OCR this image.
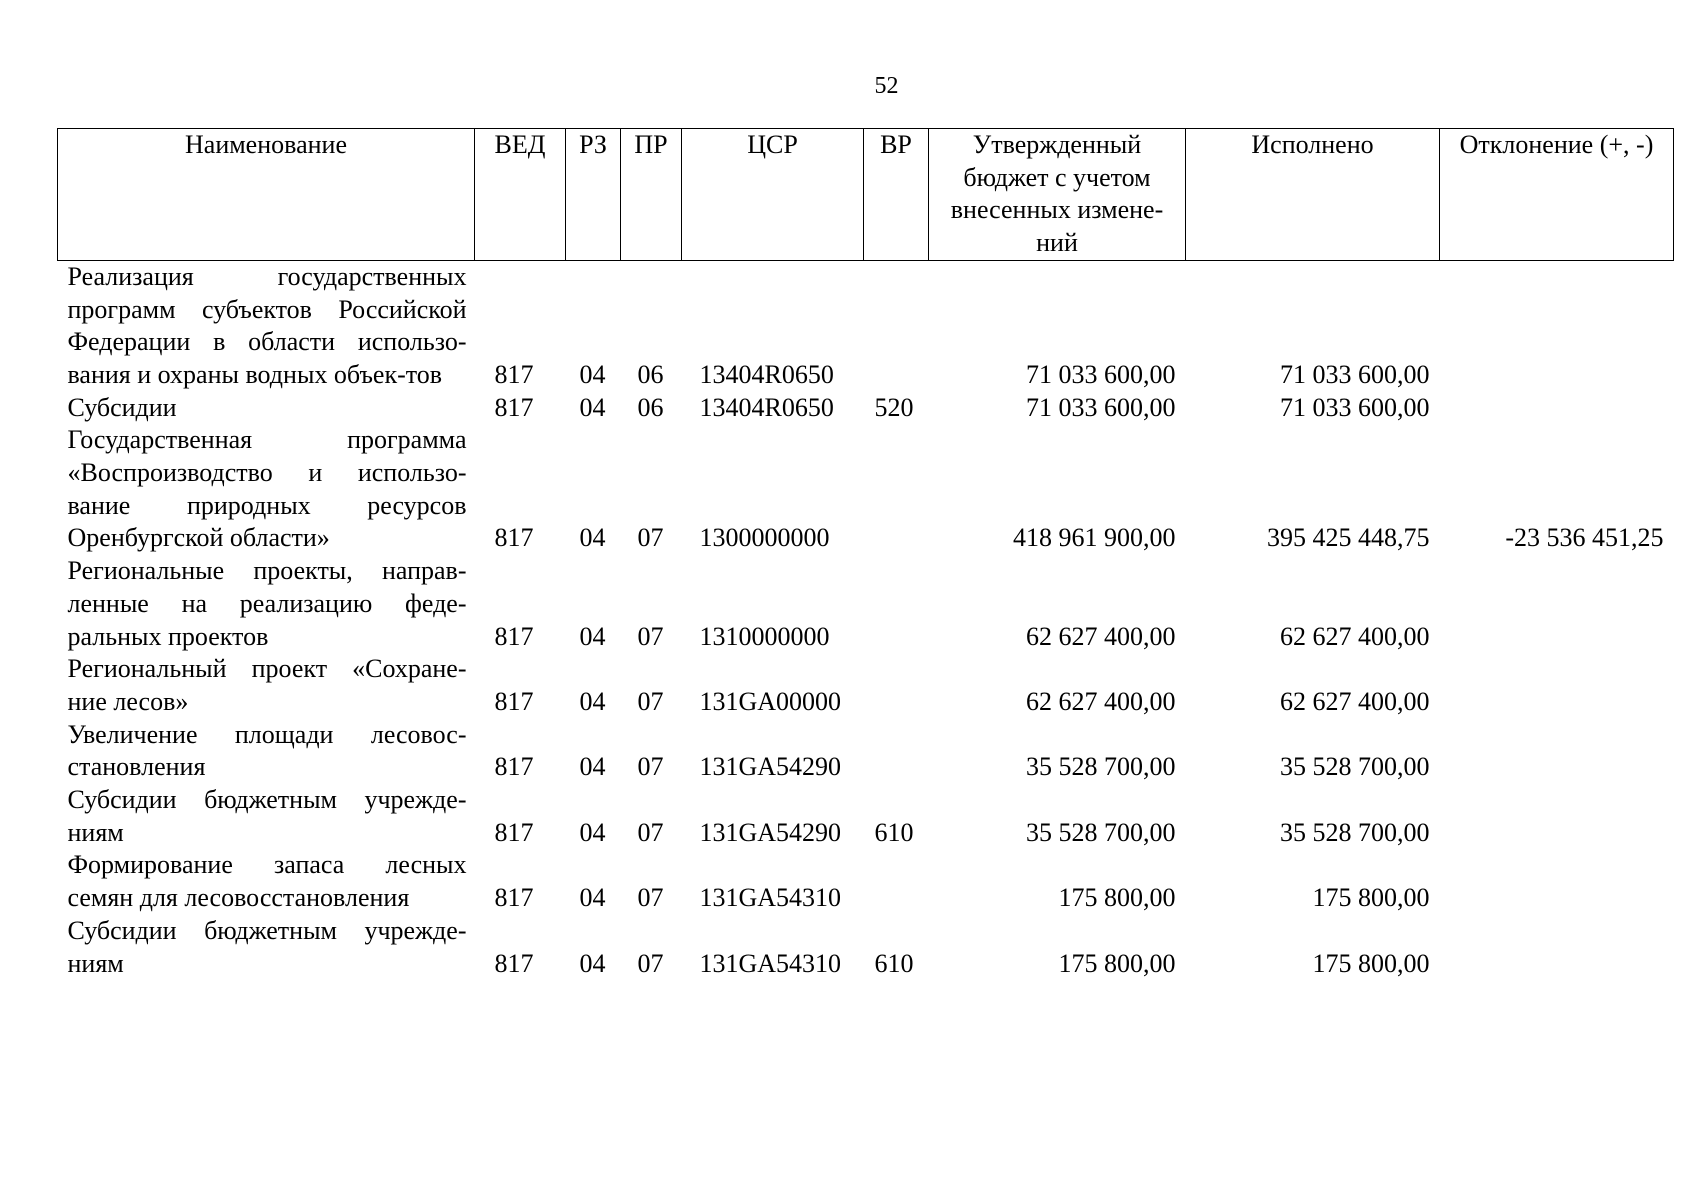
52
Наименование	ВЕД	РЗ	ПР	ЦСР	ВР	Утвержденный бюджет с учетом внесенных измене-ний	Исполнено	Отклонение (+, -)

Реализация государственных программ субъектов Российской Федерации в области использо-вания и охраны водных объек-тов	817	04	06	13404R0650		71 033 600,00	71 033 600,00	

Субсидии	817	04	06	13404R0650	520	71 033 600,00	71 033 600,00	

Государственная программа «Воспроизводство и использо-вание природных ресурсов Оренбургской области»	817	04	07	1300000000		418 961 900,00	395 425 448,75	-23 536 451,25

Региональные проекты, направ-ленные на реализацию феде-ральных проектов	817	04	07	1310000000		62 627 400,00	62 627 400,00	

Региональный проект «Сохране-ние лесов»	817	04	07	131GA00000		62 627 400,00	62 627 400,00	

Увеличение площади лесовос-становления	817	04	07	131GA54290		35 528 700,00	35 528 700,00	

Субсидии бюджетным учрежде-ниям	817	04	07	131GA54290	610	35 528 700,00	35 528 700,00	

Формирование запаса лесных семян для лесовосстановления	817	04	07	131GA54310		175 800,00	175 800,00	

Субсидии бюджетным учрежде-ниям	817	04	07	131GA54310	610	175 800,00	175 800,00	
